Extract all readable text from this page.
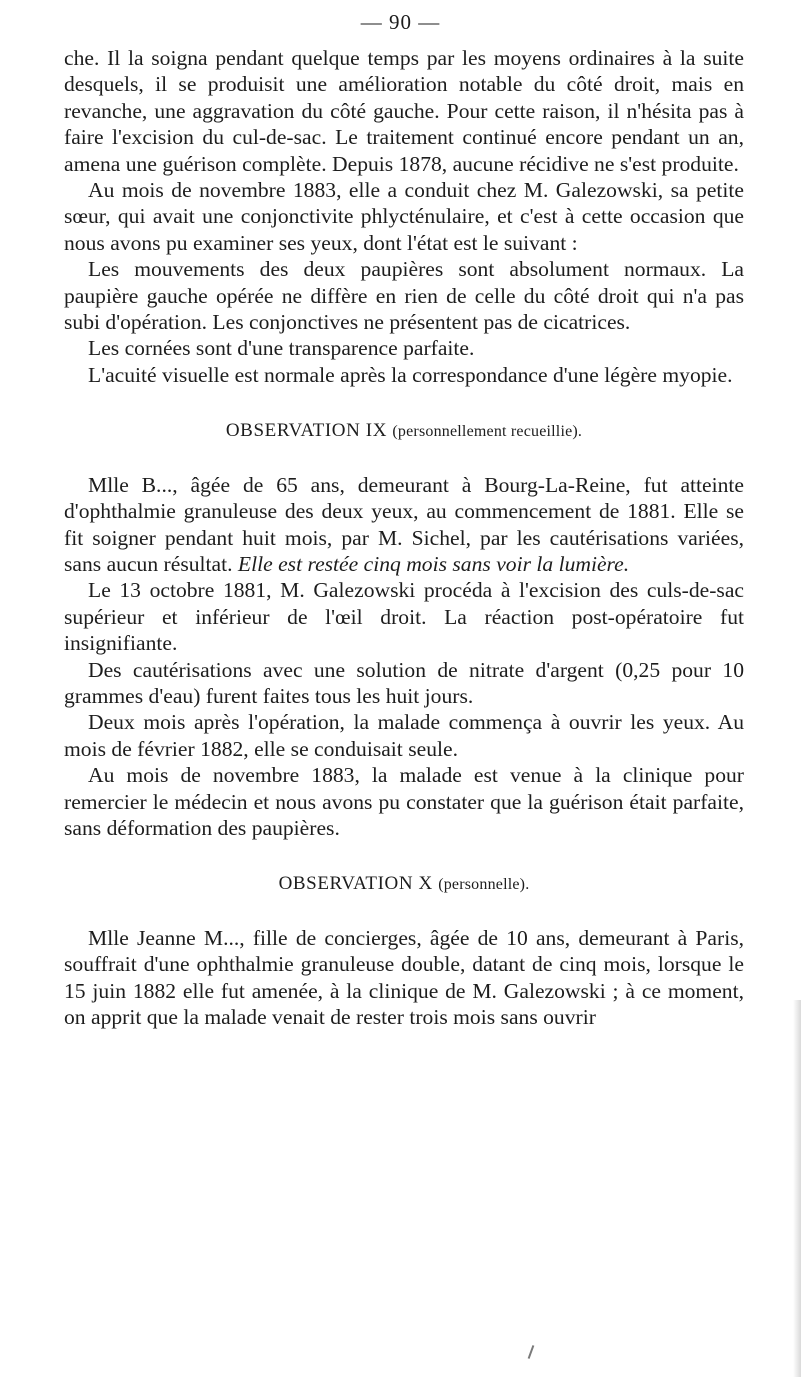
— 90 —

che. Il la soigna pendant quelque temps par les moyens ordinaires à la suite desquels, il se produisit une amélioration notable du côté droit, mais en revanche, une aggravation du côté gauche. Pour cette raison, il n'hésita pas à faire l'excision du cul-de-sac. Le traitement continué encore pendant un an, amena une guérison complète. Depuis 1878, aucune récidive ne s'est produite.

Au mois de novembre 1883, elle a conduit chez M. Galezowski, sa petite sœur, qui avait une conjonctivite phlycténulaire, et c'est à cette occasion que nous avons pu examiner ses yeux, dont l'état est le suivant :

Les mouvements des deux paupières sont absolument normaux. La paupière gauche opérée ne diffère en rien de celle du côté droit qui n'a pas subi d'opération. Les conjonctives ne présentent pas de cicatrices.

Les cornées sont d'une transparence parfaite.

L'acuité visuelle est normale après la correspondance d'une légère myopie.

OBSERVATION IX (personnellement recueillie).

Mlle B..., âgée de 65 ans, demeurant à Bourg-La-Reine, fut atteinte d'ophthalmie granuleuse des deux yeux, au commencement de 1881. Elle se fit soigner pendant huit mois, par M. Sichel, par les cautérisations variées, sans aucun résultat. Elle est restée cinq mois sans voir la lumière.

Le 13 octobre 1881, M. Galezowski procéda à l'excision des culs-de-sac supérieur et inférieur de l'œil droit. La réaction post-opératoire fut insignifiante.

Des cautérisations avec une solution de nitrate d'argent (0,25 pour 10 grammes d'eau) furent faites tous les huit jours.

Deux mois après l'opération, la malade commença à ouvrir les yeux. Au mois de février 1882, elle se conduisait seule.

Au mois de novembre 1883, la malade est venue à la clinique pour remercier le médecin et nous avons pu constater que la guérison était parfaite, sans déformation des paupières.

OBSERVATION X (personnelle).

Mlle Jeanne M..., fille de concierges, âgée de 10 ans, demeurant à Paris, souffrait d'une ophthalmie granuleuse double, datant de cinq mois, lorsque le 15 juin 1882 elle fut amenée, à la clinique de M. Galezowski ; à ce moment, on apprit que la malade venait de rester trois mois sans ouvrir
